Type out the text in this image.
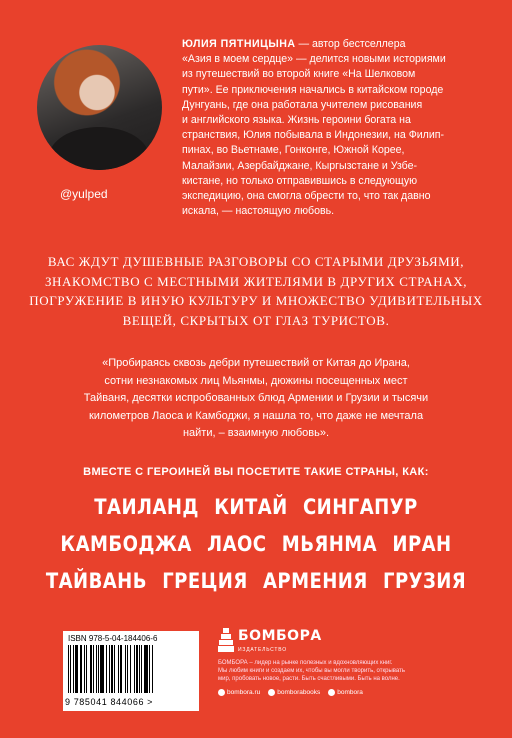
@yulped
ЮЛИЯ ПЯТНИЦЫНА — автор бестселлера
«Азия в моем сердце» — делится новыми историями
из путешествий во второй книге «На Шелковом
пути». Ее приключения начались в китайском городе
Дунгуань, где она работала учителем рисования
и английского языка. Жизнь героини богата на
странствия, Юлия побывала в Индонезии, на Филип-
пинах, во Вьетнаме, Гонконге, Южной Корее,
Малайзии, Азербайджане, Кыргызстане и Узбе-
кистане, но только отправившись в следующую
экспедицию, она смогла обрести то, что так давно
искала, — настоящую любовь.
ВАС ЖДУТ ДУШЕВНЫЕ РАЗГОВОРЫ СО СТАРЫМИ ДРУЗЬЯМИ,
ЗНАКОМСТВО С МЕСТНЫМИ ЖИТЕЛЯМИ В ДРУГИХ СТРАНАХ,
ПОГРУЖЕНИЕ В ИНУЮ КУЛЬТУРУ И МНОЖЕСТВО УДИВИТЕЛЬНЫХ
ВЕЩЕЙ, СКРЫТЫХ ОТ ГЛАЗ ТУРИСТОВ.
«Пробираясь сквозь дебри путешествий от Китая до Ирана,
сотни незнакомых лиц Мьянмы, дюжины посещенных мест
Тайваня, десятки испробованных блюд Армении и Грузии и тысячи
километров Лаоса и Камбоджи, я нашла то, что даже не мечтала
найти, – взаимную любовь».
ВМЕСТЕ С ГЕРОИНЕЙ ВЫ ПОСЕТИТЕ ТАКИЕ СТРАНЫ, КАК:
ТАИЛАНД КИТАЙ СИНГАПУР
КАМБОДЖА ЛАОС МЬЯНМА ИРАН
ТАЙВАНЬ ГРЕЦИЯ АРМЕНИЯ ГРУЗИЯ
ISBN 978-5-04-184406-6
9 785041 844066 >
БОМБОРА
ИЗДАТЕЛЬСТВО
БОМБОРА – лидер на рынке полезных и вдохновляющих книг.
Мы любим книги и создаем их, чтобы вы могли творить, открывать
мир, пробовать новое, расти. Быть счастливыми. Быть на волне.
bombora.ru	bomborabooks	bombora
